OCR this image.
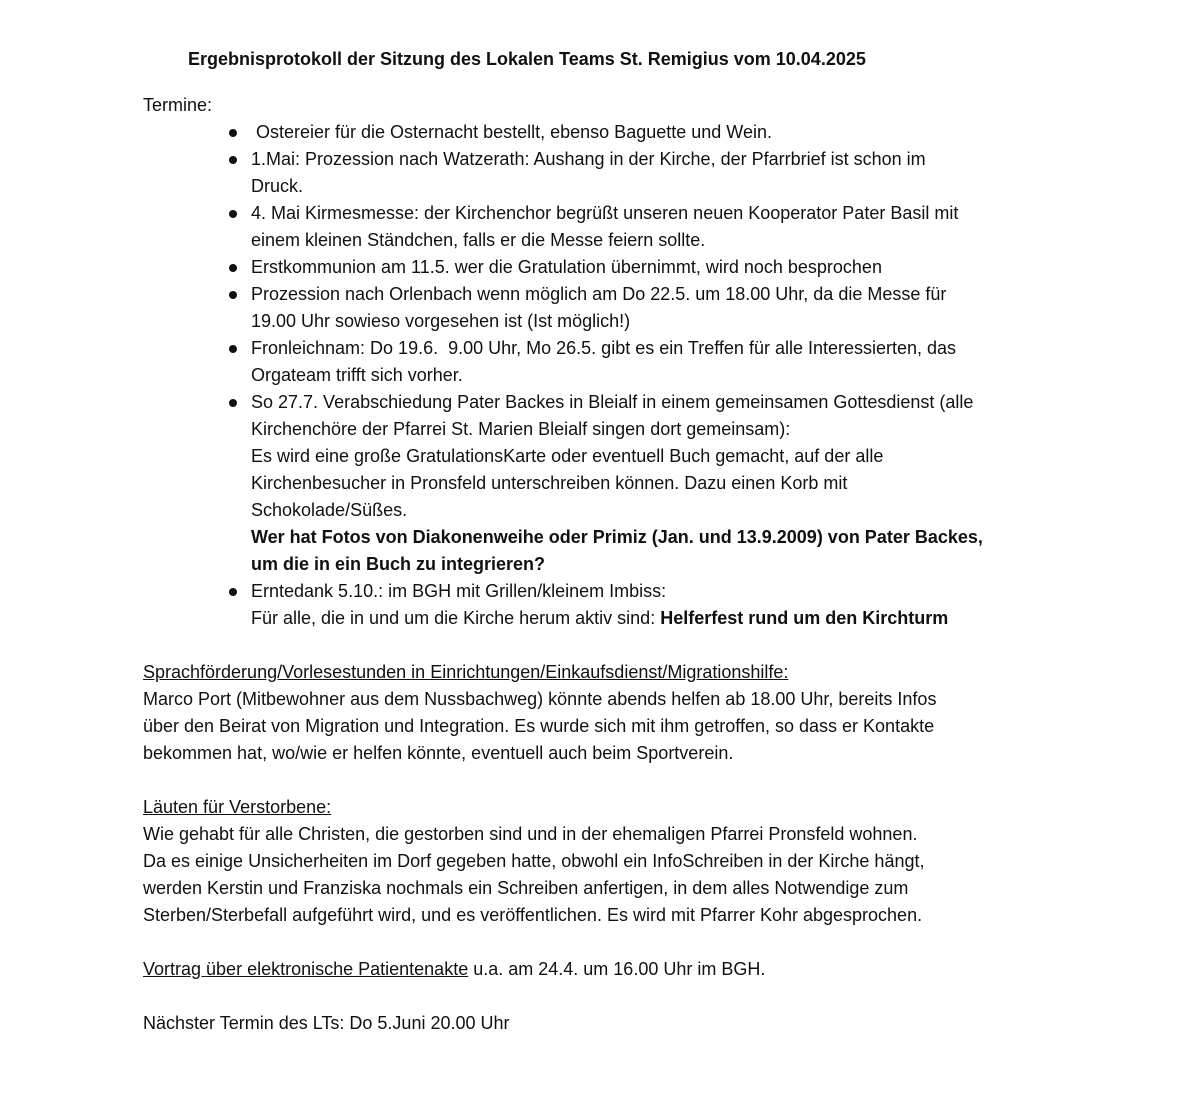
Ergebnisprotokoll der Sitzung des Lokalen Teams St. Remigius vom 10.04.2025

Termine:

Ostereier für die Osternacht bestellt, ebenso Baguette und Wein.
1.Mai: Prozession nach Watzerath: Aushang in der Kirche, der Pfarrbrief ist schon im
Druck.
4. Mai Kirmesmesse: der Kirchenchor begrüßt unseren neuen Kooperator Pater Basil mit
einem kleinen Ständchen, falls er die Messe feiern sollte.
Erstkommunion am 11.5. wer die Gratulation übernimmt, wird noch besprochen
Prozession nach Orlenbach wenn möglich am Do 22.5. um 18.00 Uhr, da die Messe für
19.00 Uhr sowieso vorgesehen ist (Ist möglich!)
Fronleichnam: Do 19.6.  9.00 Uhr, Mo 26.5. gibt es ein Treffen für alle Interessierten, das
Orgateam trifft sich vorher.
So 27.7. Verabschiedung Pater Backes in Bleialf in einem gemeinsamen Gottesdienst (alle
Kirchenchöre der Pfarrei St. Marien Bleialf singen dort gemeinsam):
Es wird eine große GratulationsKarte oder eventuell Buch gemacht, auf der alle
Kirchenbesucher in Pronsfeld unterschreiben können. Dazu einen Korb mit
Schokolade/Süßes.
Wer hat Fotos von Diakonenweihe oder Primiz (Jan. und 13.9.2009) von Pater Backes,
um die in ein Buch zu integrieren?
Erntedank 5.10.: im BGH mit Grillen/kleinem Imbiss:
Für alle, die in und um die Kirche herum aktiv sind: Helferfest rund um den Kirchturm

Sprachförderung/Vorlesestunden in Einrichtungen/Einkaufsdienst/Migrationshilfe:

Marco Port (Mitbewohner aus dem Nussbachweg) könnte abends helfen ab 18.00 Uhr, bereits Infos
über den Beirat von Migration und Integration. Es wurde sich mit ihm getroffen, so dass er Kontakte
bekommen hat, wo/wie er helfen könnte, eventuell auch beim Sportverein.

Läuten für Verstorbene:

Wie gehabt für alle Christen, die gestorben sind und in der ehemaligen Pfarrei Pronsfeld wohnen.
Da es einige Unsicherheiten im Dorf gegeben hatte, obwohl ein InfoSchreiben in der Kirche hängt,
werden Kerstin und Franziska nochmals ein Schreiben anfertigen, in dem alles Notwendige zum
Sterben/Sterbefall aufgeführt wird, und es veröffentlichen. Es wird mit Pfarrer Kohr abgesprochen.

Vortrag über elektronische Patientenakte u.a. am 24.4. um 16.00 Uhr im BGH.

Nächster Termin des LTs: Do 5.Juni 20.00 Uhr
